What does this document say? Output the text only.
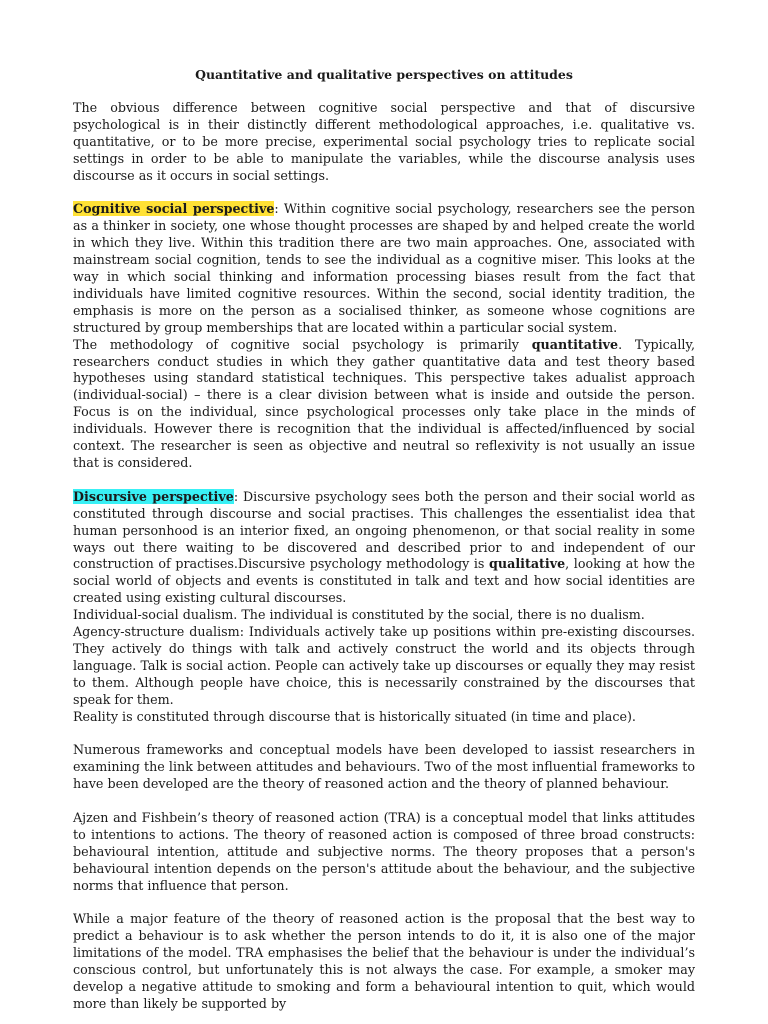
Quantitative and qualitative perspectives on attitudes

The obvious difference between cognitive social perspective and that of discursive psychological is in their distinctly different methodological approaches, i.e. qualitative vs. quantitative, or to be more precise, experimental social psychology tries to replicate social settings in order to be able to manipulate the variables, while the discourse analysis uses discourse as it occurs in social settings.

Cognitive social perspective: Within cognitive social psychology, researchers see the person as a thinker in society, one whose thought processes are shaped by and helped create the world in which they live. Within this tradition there are two main approaches. One, associated with mainstream social cognition, tends to see the individual as a cognitive miser. This looks at the way in which social thinking and information processing biases result from the fact that individuals have limited cognitive resources. Within the second, social identity tradition, the emphasis is more on the person as a socialised thinker, as someone whose cognitions are structured by group memberships that are located within a particular social system.

The methodology of cognitive social psychology is primarily quantitative. Typically, researchers conduct studies in which they gather quantitative data and test theory based hypotheses using standard statistical techniques. This perspective takes adualist approach (individual-social) – there is a clear division between what is inside and outside the person. Focus is on the individual, since psychological processes only take place in the minds of individuals. However there is recognition that the individual is affected/influenced by social context. The researcher is seen as objective and neutral so reflexivity is not usually an issue that is considered.

Discursive perspective: Discursive psychology sees both the person and their social world as constituted through discourse and social practises. This challenges the essentialist idea that human personhood is an interior fixed, an ongoing phenomenon, or that social reality in some ways out there waiting to be discovered and described prior to and independent of our construction of practises.Discursive psychology methodology is qualitative, looking at how the social world of objects and events is constituted in talk and text and how social identities are created using existing cultural discourses.

Individual-social dualism. The individual is constituted by the social, there is no dualism.

Agency-structure dualism: Individuals actively take up positions within pre-existing discourses. They actively do things with talk and actively construct the world and its objects through language. Talk is social action. People can actively take up discourses or equally they may resist to them. Although people have choice, this is necessarily constrained by the discourses that speak for them.

Reality is constituted through discourse that is historically situated (in time and place).

Numerous frameworks and conceptual models have been developed to iassist researchers in examining the link between attitudes and behaviours. Two of the most influential frameworks to have been developed are the theory of reasoned action and the theory of planned behaviour.

Ajzen and Fishbein’s theory of reasoned action (TRA) is a conceptual model that links attitudes to intentions to actions. The theory of reasoned action is composed of three broad constructs: behavioural intention, attitude and subjective norms. The theory proposes that a person's behavioural intention depends on the person's attitude about the behaviour, and the subjective norms that influence that person.

While a major feature of the theory of reasoned action is the proposal that the best way to predict a behaviour is to ask whether the person intends to do it, it is also one of the major limitations of the model. TRA emphasises the belief that the behaviour is under the individual’s conscious control, but unfortunately this is not always the case. For example, a smoker may develop a negative attitude to smoking and form a behavioural intention to quit, which would more than likely be supported by
